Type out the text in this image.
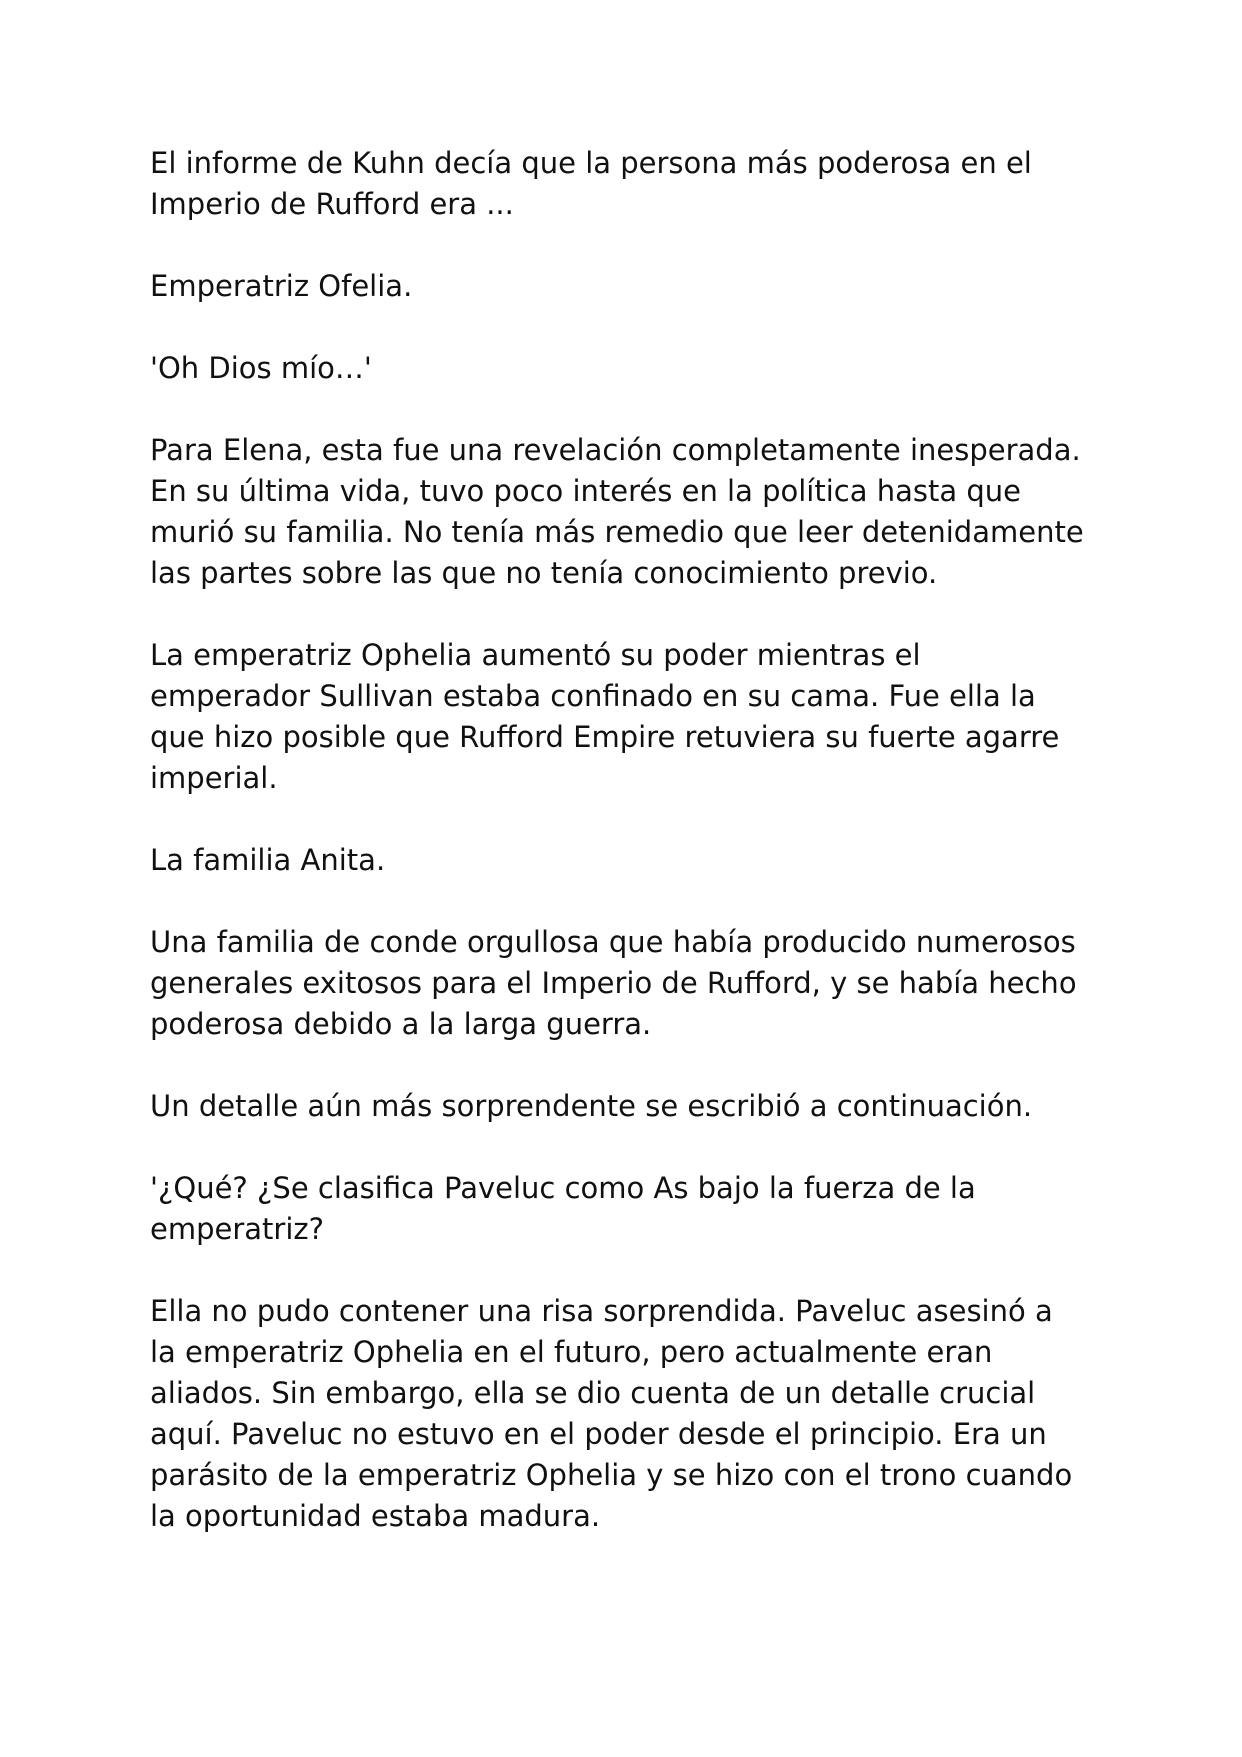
El informe de Kuhn decía que la persona más poderosa en el
Imperio de Rufford era ...

Emperatriz Ofelia.

'Oh Dios mío…'

Para Elena, esta fue una revelación completamente inesperada.
En su última vida, tuvo poco interés en la política hasta que
murió su familia. No tenía más remedio que leer detenidamente
las partes sobre las que no tenía conocimiento previo.

La emperatriz Ophelia aumentó su poder mientras el
emperador Sullivan estaba confinado en su cama. Fue ella la
que hizo posible que Rufford Empire retuviera su fuerte agarre
imperial.

La familia Anita.

Una familia de conde orgullosa que había producido numerosos
generales exitosos para el Imperio de Rufford, y se había hecho
poderosa debido a la larga guerra.

Un detalle aún más sorprendente se escribió a continuación.

'¿Qué? ¿Se clasifica Paveluc como As bajo la fuerza de la
emperatriz?

Ella no pudo contener una risa sorprendida. Paveluc asesinó a
la emperatriz Ophelia en el futuro, pero actualmente eran
aliados. Sin embargo, ella se dio cuenta de un detalle crucial
aquí. Paveluc no estuvo en el poder desde el principio. Era un
parásito de la emperatriz Ophelia y se hizo con el trono cuando
la oportunidad estaba madura.
